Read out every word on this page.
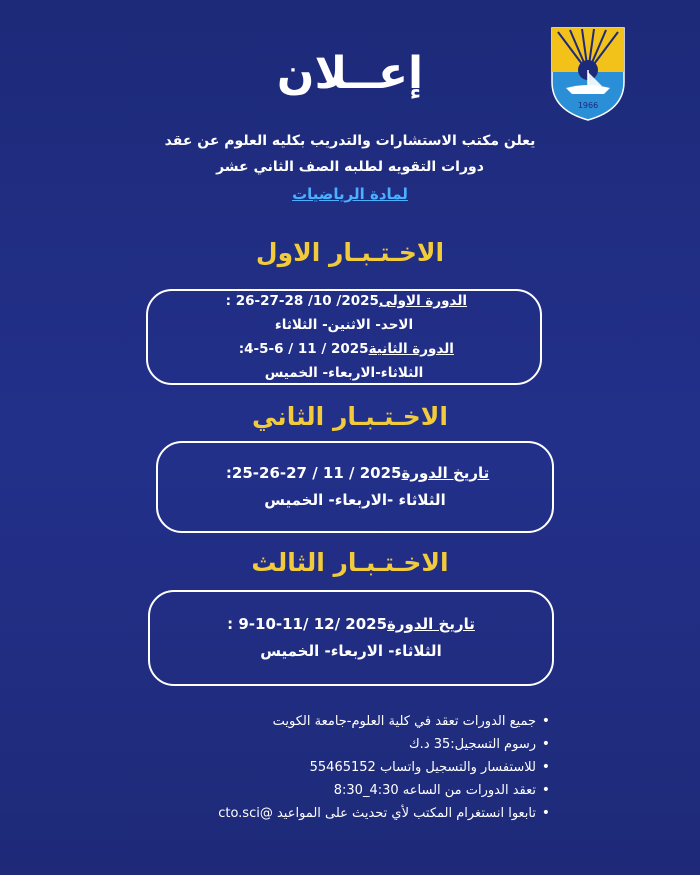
1966
إعــلان
يعلن مكتب الاستشارات والتدريب بكليه العلوم عن عقد
دورات التقويه لطلبه الصف الثاني عشر
لمادة الرياضيات
الاخـتـبـار الاول
الدورة الاولى : 26-27-28 /10 /2025
الاحد- الاثنين- الثلاثاء
الدورة الثانية :4-5-6 / 11 / 2025
الثلاثاء-الاربعاء- الخميس
الاخـتـبـار الثاني
تاريخ الدورة :25-26-27 / 11 / 2025
الثلاثاء -الاربعاء- الخميس
الاخـتـبـار الثالث
تاريخ الدورة: 9-10-11/ 12/ 2025
الثلاثاء- الاربعاء- الخميس
• جميع الدورات تعقد في كلية العلوم-جامعة الكويت
• رسوم التسجيل:35 د.ك
• للاستفسار والتسجيل واتساب 55465152
• تعقد الدورات من الساعه 4:30_8:30
• تابعوا انستغرام المكتب لأي تحديث على المواعيد @cto.sci
